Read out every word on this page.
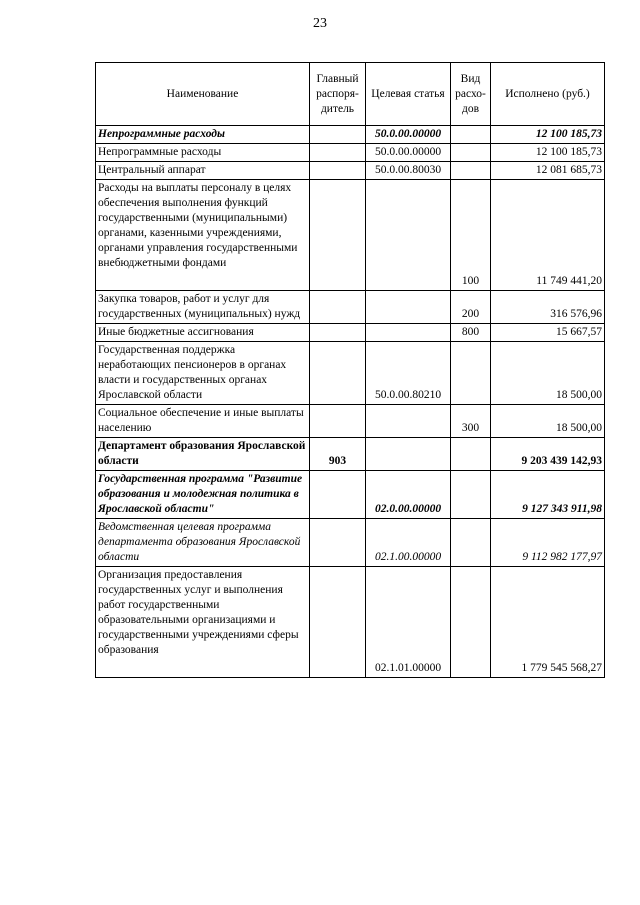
23
Наименование	Главный распоря-дитель	Целевая статья	Вид расхо-дов	Исполнено (руб.)
Непрограммные расходы		50.0.00.00000		12 100 185,73
Непрограммные расходы		50.0.00.00000		12 100 185,73
Центральный аппарат		50.0.00.80030		12 081 685,73
Расходы на выплаты персоналу в целях обеспечения выполнения функций государственными (муниципальными) органами, казенными учреждениями, органами управления государственными внебюджетными фондами			100	11 749 441,20
Закупка товаров, работ и услуг для государственных (муниципальных) нужд			200	316 576,96
Иные бюджетные ассигнования			800	15 667,57
Государственная поддержка неработающих пенсионеров в органах власти и государственных органах Ярославской области		50.0.00.80210		18 500,00
Социальное обеспечение и иные выплаты населению			300	18 500,00
Департамент образования Ярославской области	903			9 203 439 142,93
Государственная программа "Развитие образования и молодежная политика в Ярославской области"		02.0.00.00000		9 127 343 911,98
Ведомственная целевая программа департамента образования Ярославской области		02.1.00.00000		9 112 982 177,97
Организация предоставления государственных услуг и выполнения работ государственными образовательными организациями и государственными учреждениями сферы образования		02.1.01.00000		1 779 545 568,27
